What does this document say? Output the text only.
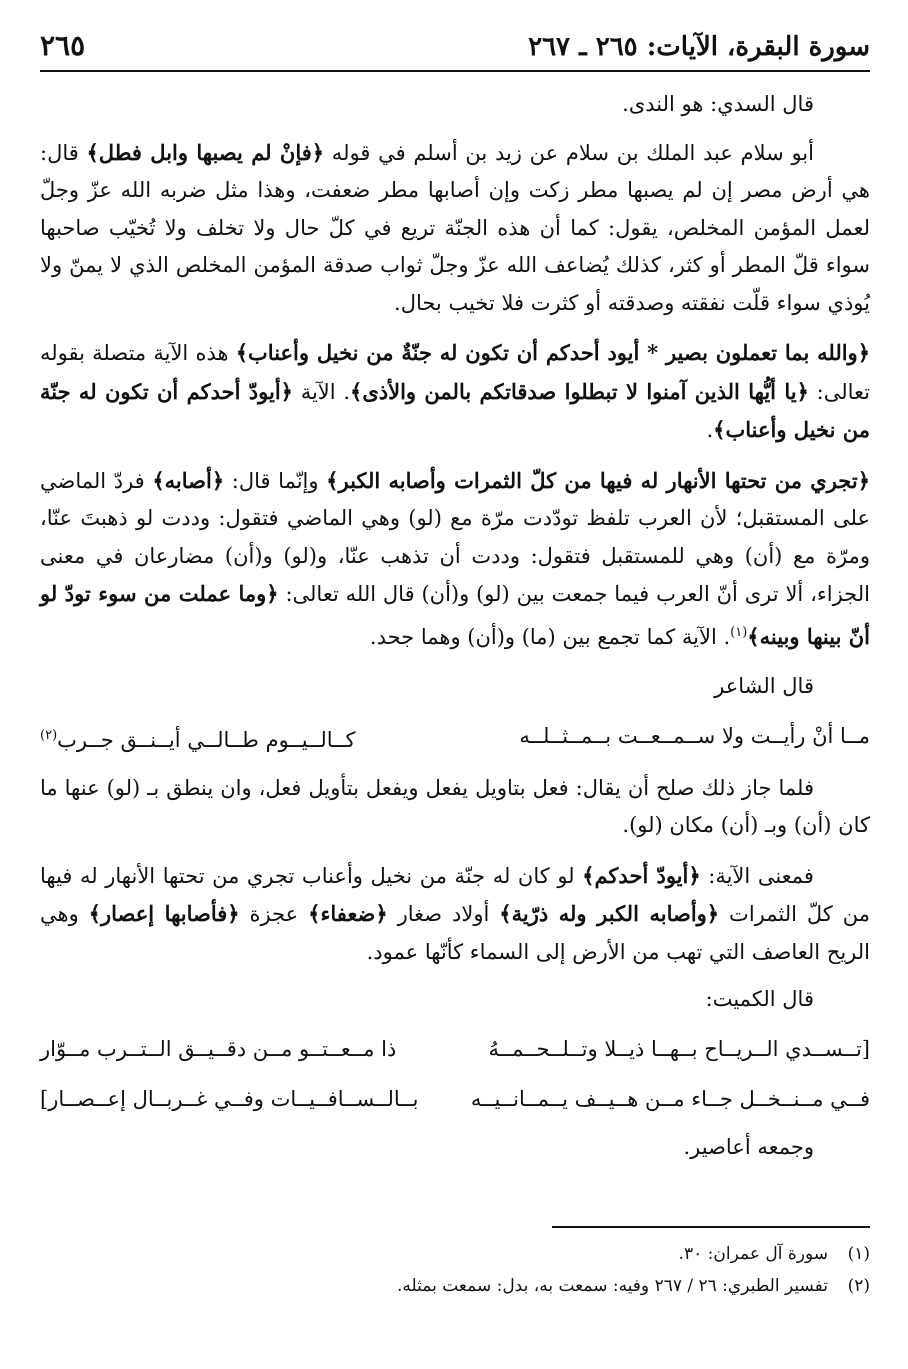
سورة البقرة، الآيات: ٢٦٥ ـ ٢٦٧
٢٦٥

قال السدي: هو الندى.

أبو سلام عبد الملك بن سلام عن زيد بن أسلم في قوله ﴿فإنْ لم يصبها وابل فطل﴾ قال: هي أرض مصر إن لم يصبها مطر زكت وإن أصابها مطر ضعفت، وهذا مثل ضربه الله عزّ وجلّ لعمل المؤمن المخلص، يقول: كما أن هذه الجنّة تريع في كلّ حال ولا تخلف ولا تُخيّب صاحبها سواء قلّ المطر أو كثر، كذلك يُضاعف الله عزّ وجلّ ثواب صدقة المؤمن المخلص الذي لا يمنّ ولا يُوذي سواء قلّت نفقته وصدقته أو كثرت فلا تخيب بحال.

﴿والله بما تعملون بصير * أيود أحدكم أن تكون له جنّةٌ من نخيل وأعناب﴾ هذه الآية متصلة بقوله تعالى: ﴿يا أيُّها الذين آمنوا لا تبطلوا صدقاتكم بالمن والأذى﴾. الآية ﴿أيودّ أحدكم أن تكون له جنّة من نخيل وأعناب﴾.

﴿تجري من تحتها الأنهار له فيها من كلّ الثمرات وأصابه الكبر﴾ وإنّما قال: ﴿أصابه﴾ فردّ الماضي على المستقبل؛ لأن العرب تلفظ تودّدت مرّة مع (لو) وهي الماضي فتقول: وددت لو ذهبتَ عنّا، ومرّة مع (أن) وهي للمستقبل فتقول: وددت أن تذهب عنّا، و(لو) و(أن) مضارعان في معنى الجزاء، ألا ترى أنّ العرب فيما جمعت بين (لو) و(أن) قال الله تعالى: ﴿وما عملت من سوء تودّ لو أنّ بينها وبينه﴾$^{(١)}$. الآية كما تجمع بين (ما) و(أن) وهما جحد.

قال الشاعر

مــا أنْ رأيــت ولا ســمــعــت بــمــثــلــه
كــالــيــوم طــالــي أيــنــق جــرب$^{(٢)}$

فلما جاز ذلك صلح أن يقال: فعل بتاويل يفعل ويفعل بتأويل فعل، وان ينطق بـ (لو) عنها ما كان (أن) وبـ (أن) مكان (لو).

فمعنى الآية: ﴿أيودّ أحدكم﴾ لو كان له جنّة من نخيل وأعناب تجري من تحتها الأنهار له فيها من كلّ الثمرات ﴿وأصابه الكبر وله ذرّية﴾ أولاد صغار ﴿ضعفاء﴾ عجزة ﴿فأصابها إعصار﴾ وهي الريح العاصف التي تهب من الأرض إلى السماء كأنّها عمود.

قال الكميت:

[تــســدي الــريــاح بــهــا ذيــلا وتــلــحــمــهُ
ذا مــعــتــو مــن دقــيــق الــتــرب مــوّار
فــي مــنــخــل جــاء مــن هــيــف يــمــانــيــه
بــالــســافــيــات وفــي غــربــال إعــصــار]

وجمعه أعاصير.

(١)سورة آل عمران: ٣٠.
(٢)تفسير الطبري: ٢٦ / ٢٦٧ وفيه: سمعت به، بدل: سمعت بمثله.
